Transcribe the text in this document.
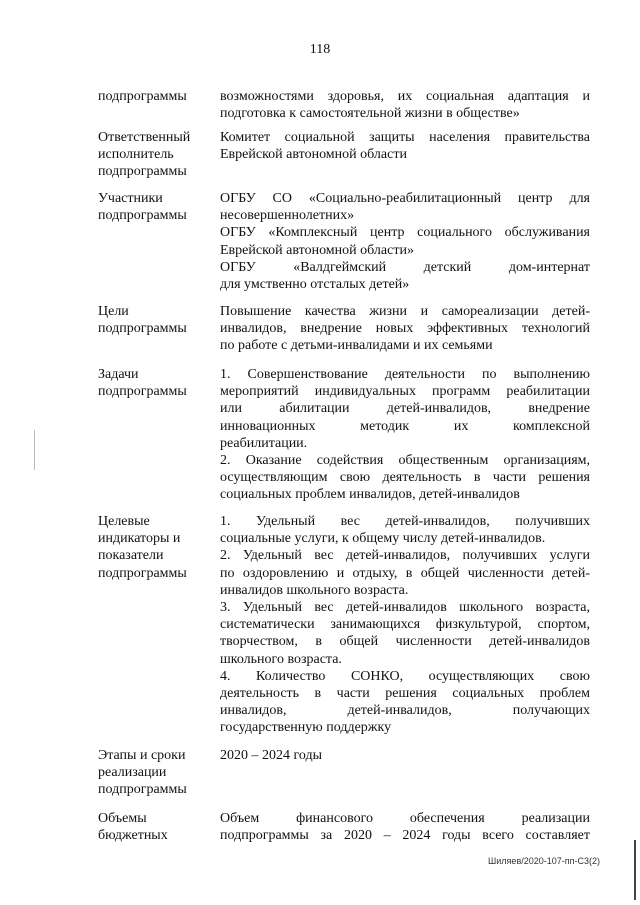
118
подпрограммы	возможностями здоровья, их социальная адаптация и
подготовка к самостоятельной жизни в обществе»
Ответственный
исполнитель
подпрограммы
Комитет социальной защиты населения правительства
Еврейской автономной области
Участники
подпрограммы
ОГБУ СО «Социально-реабилитационный центр для
несовершеннолетних»
ОГБУ «Комплексный центр социального обслуживания
Еврейской автономной области»
ОГБУ «Валдгеймский детский дом-интернат
для умственно отсталых детей»
Цели
подпрограммы
Повышение качества жизни и самореализации детей-
инвалидов, внедрение новых эффективных технологий
по работе с детьми-инвалидами и их семьями
Задачи
подпрограммы
1. Совершенствование деятельности по выполнению
мероприятий индивидуальных программ реабилитации
или абилитации детей-инвалидов, внедрение
инновационных методик их комплексной
реабилитации.
2. Оказание содействия общественным организациям,
осуществляющим свою деятельность в части решения
социальных проблем инвалидов, детей-инвалидов
Целевые
индикаторы и
показатели
подпрограммы
1. Удельный вес детей-инвалидов, получивших
социальные услуги, к общему числу детей-инвалидов.
2. Удельный вес детей-инвалидов, получивших услуги
по оздоровлению и отдыху, в общей численности детей-
инвалидов школьного возраста.
3. Удельный вес детей-инвалидов школьного возраста,
систематически занимающихся физкультурой, спортом,
творчеством, в общей численности детей-инвалидов
школьного возраста.
4. Количество СОНКО, осуществляющих свою
деятельность в части решения социальных проблем
инвалидов, детей-инвалидов, получающих
государственную поддержку
Этапы и сроки
реализации
подпрограммы
2020 – 2024 годы
Объемы
бюджетных
Объем финансового обеспечения реализации
подпрограммы за 2020 – 2024 годы всего составляет
Шиляев/2020-107-пп-С3(2)
